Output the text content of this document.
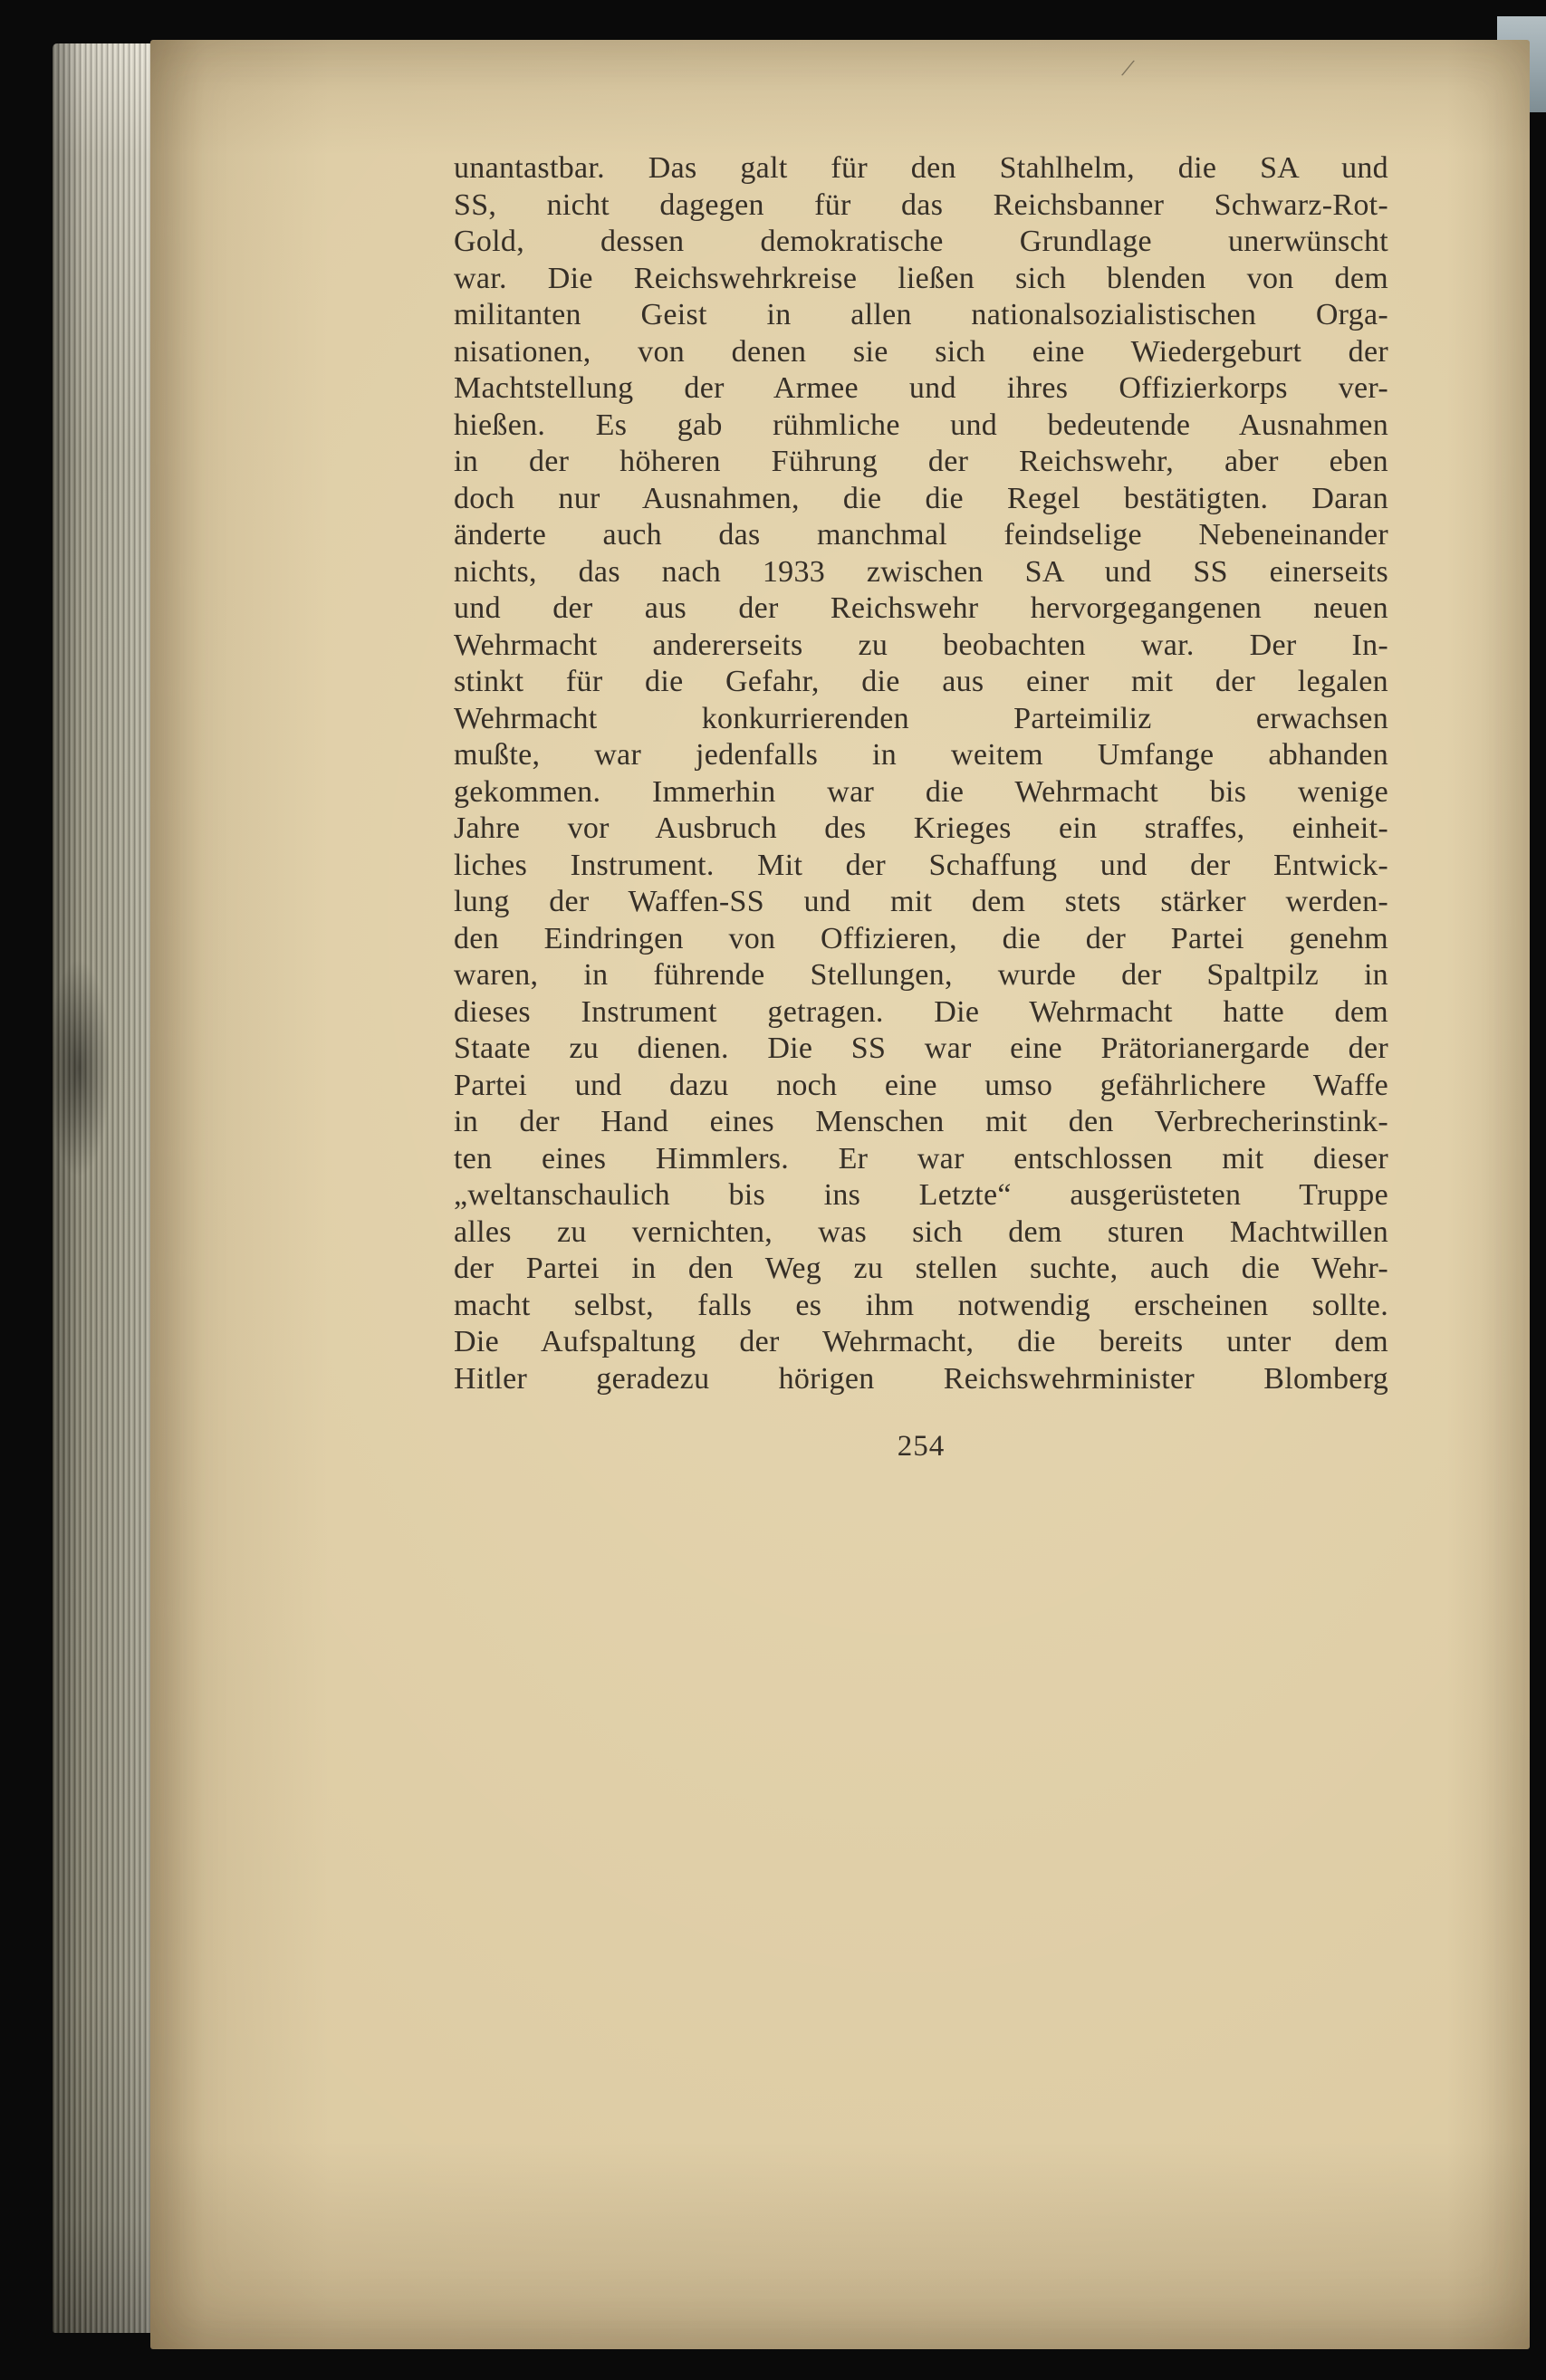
/
unantastbar. Das galt für den Stahlhelm, die SA und
SS, nicht dagegen für das Reichsbanner Schwarz-Rot-
Gold, dessen demokratische Grundlage unerwünscht
war. Die Reichswehrkreise ließen sich blenden von dem
militanten Geist in allen nationalsozialistischen Orga-
nisationen, von denen sie sich eine Wiedergeburt der
Machtstellung der Armee und ihres Offizierkorps ver-
hießen. Es gab rühmliche und bedeutende Ausnahmen
in der höheren Führung der Reichswehr, aber eben
doch nur Ausnahmen, die die Regel bestätigten. Daran
änderte auch das manchmal feindselige Nebeneinander
nichts, das nach 1933 zwischen SA und SS einerseits
und der aus der Reichswehr hervorgegangenen neuen
Wehrmacht andererseits zu beobachten war. Der In-
stinkt für die Gefahr, die aus einer mit der legalen
Wehrmacht konkurrierenden Parteimiliz erwachsen
mußte, war jedenfalls in weitem Umfange abhanden
gekommen. Immerhin war die Wehrmacht bis wenige
Jahre vor Ausbruch des Krieges ein straffes, einheit-
liches Instrument. Mit der Schaffung und der Entwick-
lung der Waffen-SS und mit dem stets stärker werden-
den Eindringen von Offizieren, die der Partei genehm
waren, in führende Stellungen, wurde der Spaltpilz in
dieses Instrument getragen. Die Wehrmacht hatte dem
Staate zu dienen. Die SS war eine Prätorianergarde der
Partei und dazu noch eine umso gefährlichere Waffe
in der Hand eines Menschen mit den Verbrecherinstink-
ten eines Himmlers. Er war entschlossen mit dieser
„weltanschaulich bis ins Letzte“ ausgerüsteten Truppe
alles zu vernichten, was sich dem sturen Machtwillen
der Partei in den Weg zu stellen suchte, auch die Wehr-
macht selbst, falls es ihm notwendig erscheinen sollte.
Die Aufspaltung der Wehrmacht, die bereits unter dem
Hitler geradezu hörigen Reichswehrminister Blomberg
254
